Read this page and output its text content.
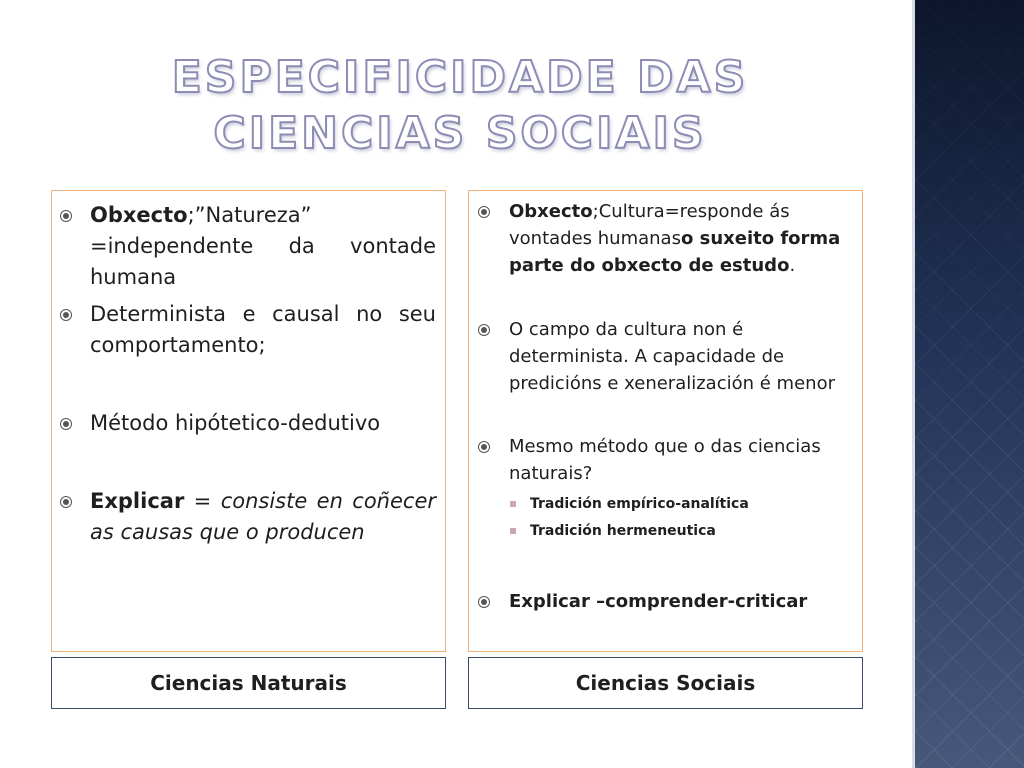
ESPECIFICIDADE DAS CIENCIAS SOCIAIS
Obxecto;”Natureza” =independente da vontade humana
Determinista e causal no seu comportamento;
Método hipótetico-dedutivo
Explicar = consiste en coñecer as causas que o producen
Obxecto;Cultura=responde ás vontades humanaso suxeito forma parte do obxecto de estudo.
O campo da cultura non é determinista. A capacidade de predicións e xeneralización é menor
Mesmo método que o das ciencias naturais?
Tradición empírico-analítica
Tradición hermeneutica
Explicar –comprender-criticar
Ciencias Naturais	Ciencias Sociais
